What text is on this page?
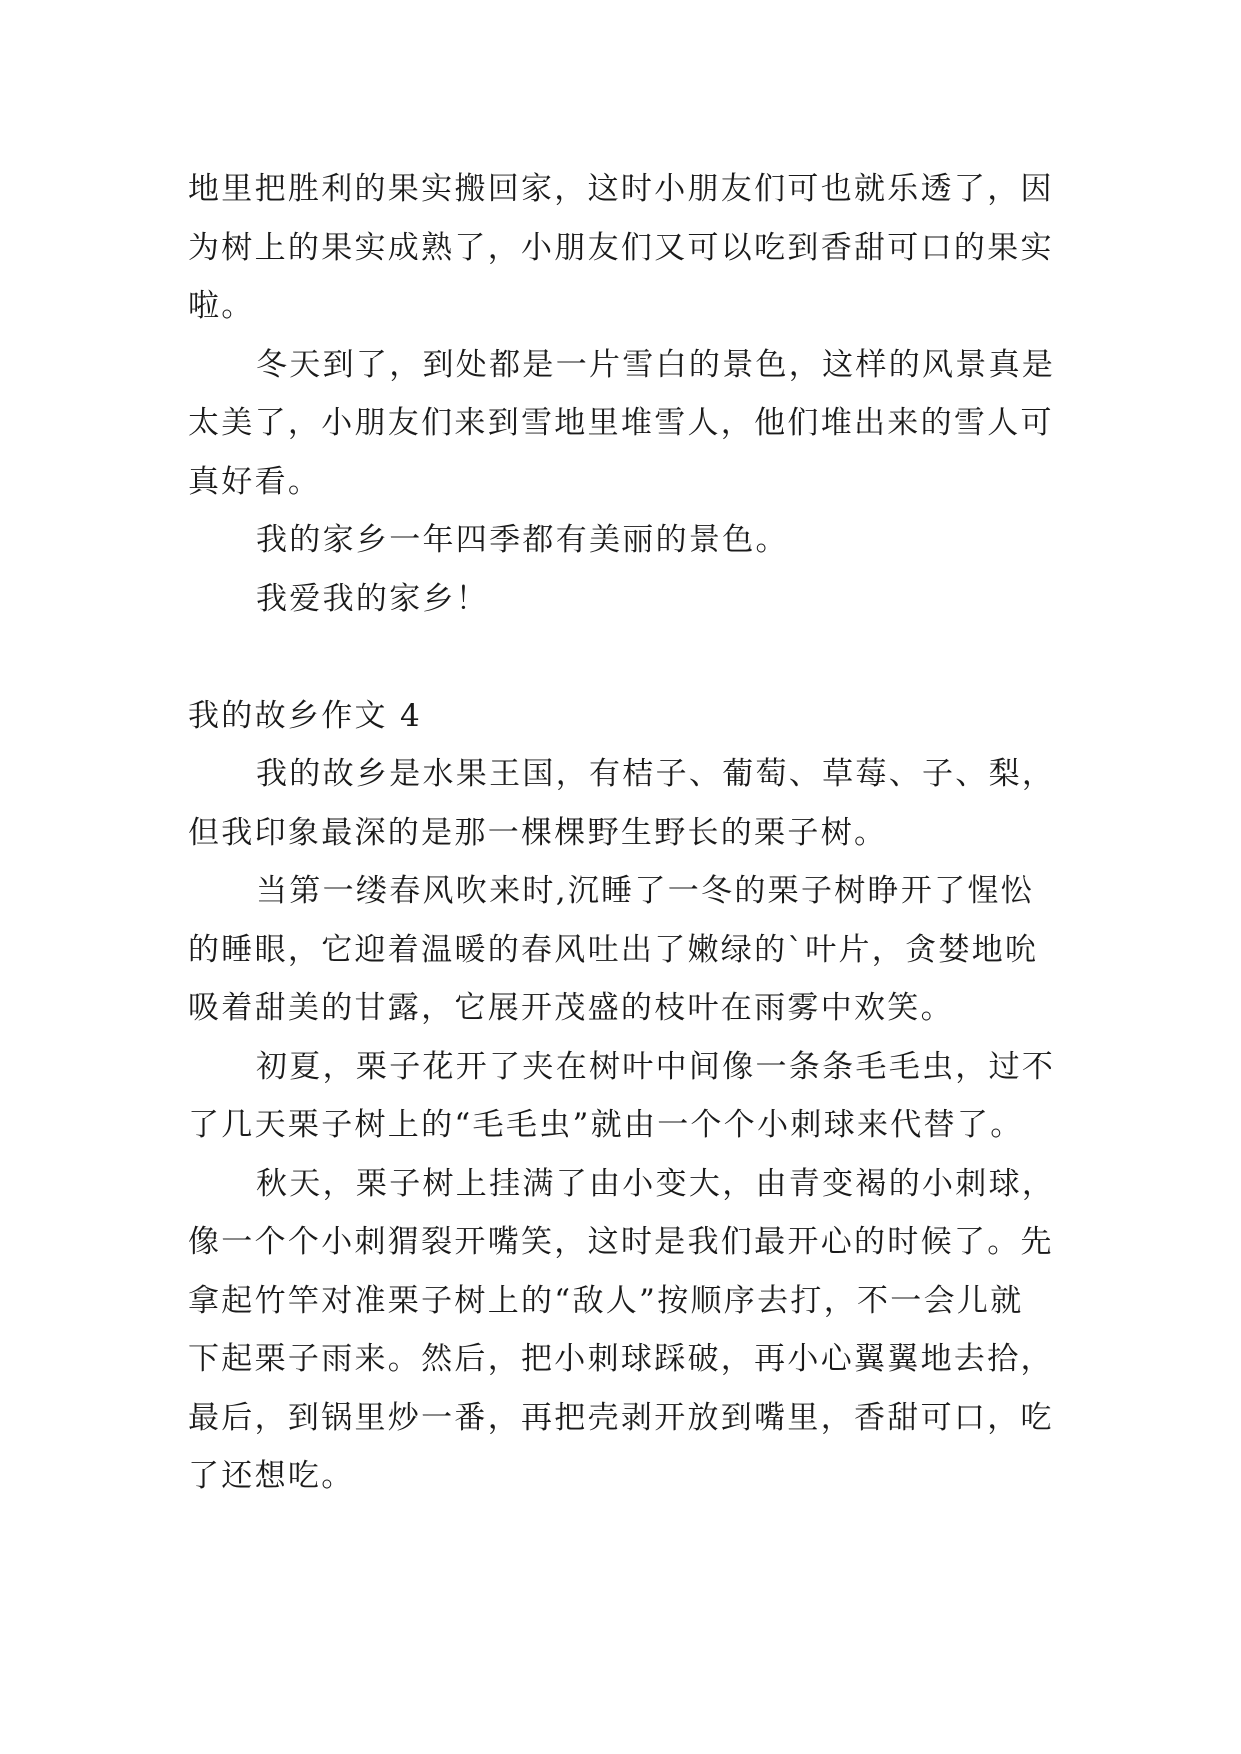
地里把胜利的果实搬回家，这时小朋友们可也就乐透了，因
为树上的果实成熟了，小朋友们又可以吃到香甜可口的果实
啦。
冬天到了，到处都是一片雪白的景色，这样的风景真是
太美了，小朋友们来到雪地里堆雪人，他们堆出来的雪人可
真好看。
我的家乡一年四季都有美丽的景色。
我爱我的家乡！
我的故乡作文 4
我的故乡是水果王国，有桔子、葡萄、草莓、子、梨，
但我印象最深的是那一棵棵野生野长的栗子树。
当第一缕春风吹来时,沉睡了一冬的栗子树睁开了惺忪
的睡眼，它迎着温暖的春风吐出了嫩绿的`叶片，贪婪地吮
吸着甜美的甘露，它展开茂盛的枝叶在雨雾中欢笑。
初夏，栗子花开了夹在树叶中间像一条条毛毛虫，过不
了几天栗子树上的“毛毛虫”就由一个个小刺球来代替了。
秋天，栗子树上挂满了由小变大，由青变褐的小刺球，
像一个个小刺猬裂开嘴笑，这时是我们最开心的时候了。先
拿起竹竿对准栗子树上的“敌人”按顺序去打，不一会儿就
下起栗子雨来。然后，把小刺球踩破，再小心翼翼地去拾，
最后，到锅里炒一番，再把壳剥开放到嘴里，香甜可口，吃
了还想吃。
